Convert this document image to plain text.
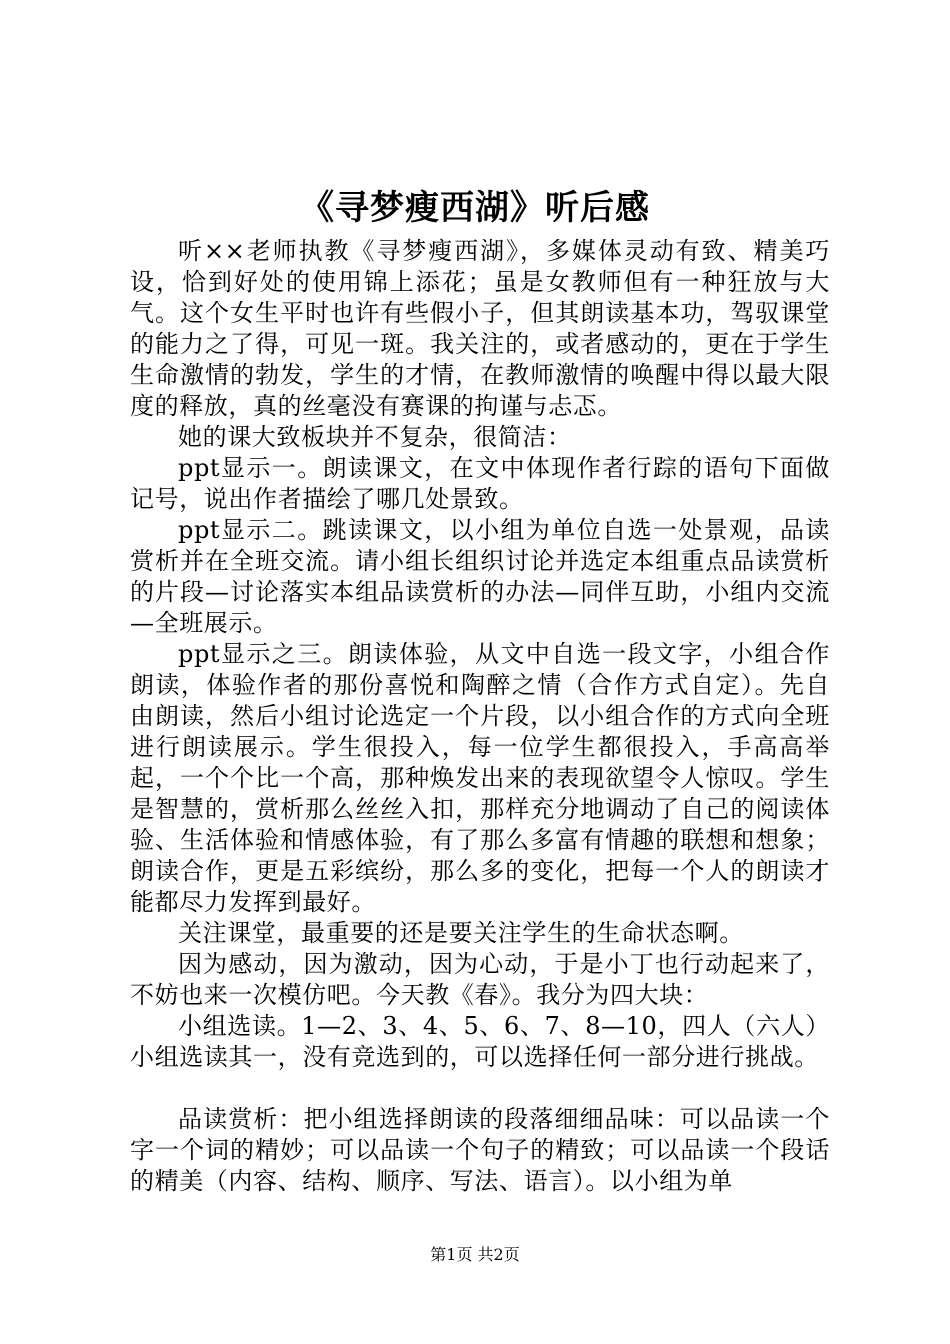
《寻梦瘦西湖》听后感

听××老师执教《寻梦瘦西湖》，多媒体灵动有致、精美巧设，恰到好处的使用锦上添花；虽是女教师但有一种狂放与大气。这个女生平时也许有些假小子，但其朗读基本功，驾驭课堂的能力之了得，可见一斑。我关注的，或者感动的，更在于学生生命激情的勃发，学生的才情，在教师激情的唤醒中得以最大限度的释放，真的丝毫没有赛课的拘谨与忐忑。

她的课大致板块并不复杂，很简洁：

ppt显示一。朗读课文，在文中体现作者行踪的语句下面做记号，说出作者描绘了哪几处景致。

ppt显示二。跳读课文，以小组为单位自选一处景观，品读赏析并在全班交流。请小组长组织讨论并选定本组重点品读赏析的片段—讨论落实本组品读赏析的办法—同伴互助，小组内交流—全班展示。

ppt显示之三。朗读体验，从文中自选一段文字，小组合作朗读，体验作者的那份喜悦和陶醉之情（合作方式自定）。先自由朗读，然后小组讨论选定一个片段，以小组合作的方式向全班进行朗读展示。学生很投入，每一位学生都很投入，手高高举起，一个个比一个高，那种焕发出来的表现欲望令人惊叹。学生是智慧的，赏析那么丝丝入扣，那样充分地调动了自己的阅读体验、生活体验和情感体验，有了那么多富有情趣的联想和想象；朗读合作，更是五彩缤纷，那么多的变化，把每一个人的朗读才能都尽力发挥到最好。

关注课堂，最重要的还是要关注学生的生命状态啊。

因为感动，因为激动，因为心动，于是小丁也行动起来了，不妨也来一次模仿吧。今天教《春》。我分为四大块：

小组选读。1—2、3、4、5、6、7、8—10，四人（六人）小组选读其一，没有竞选到的，可以选择任何一部分进行挑战。

品读赏析：把小组选择朗读的段落细细品味：可以品读一个字一个词的精妙；可以品读一个句子的精致；可以品读一个段话的精美（内容、结构、顺序、写法、语言）。以小组为单

第1页 共2页
